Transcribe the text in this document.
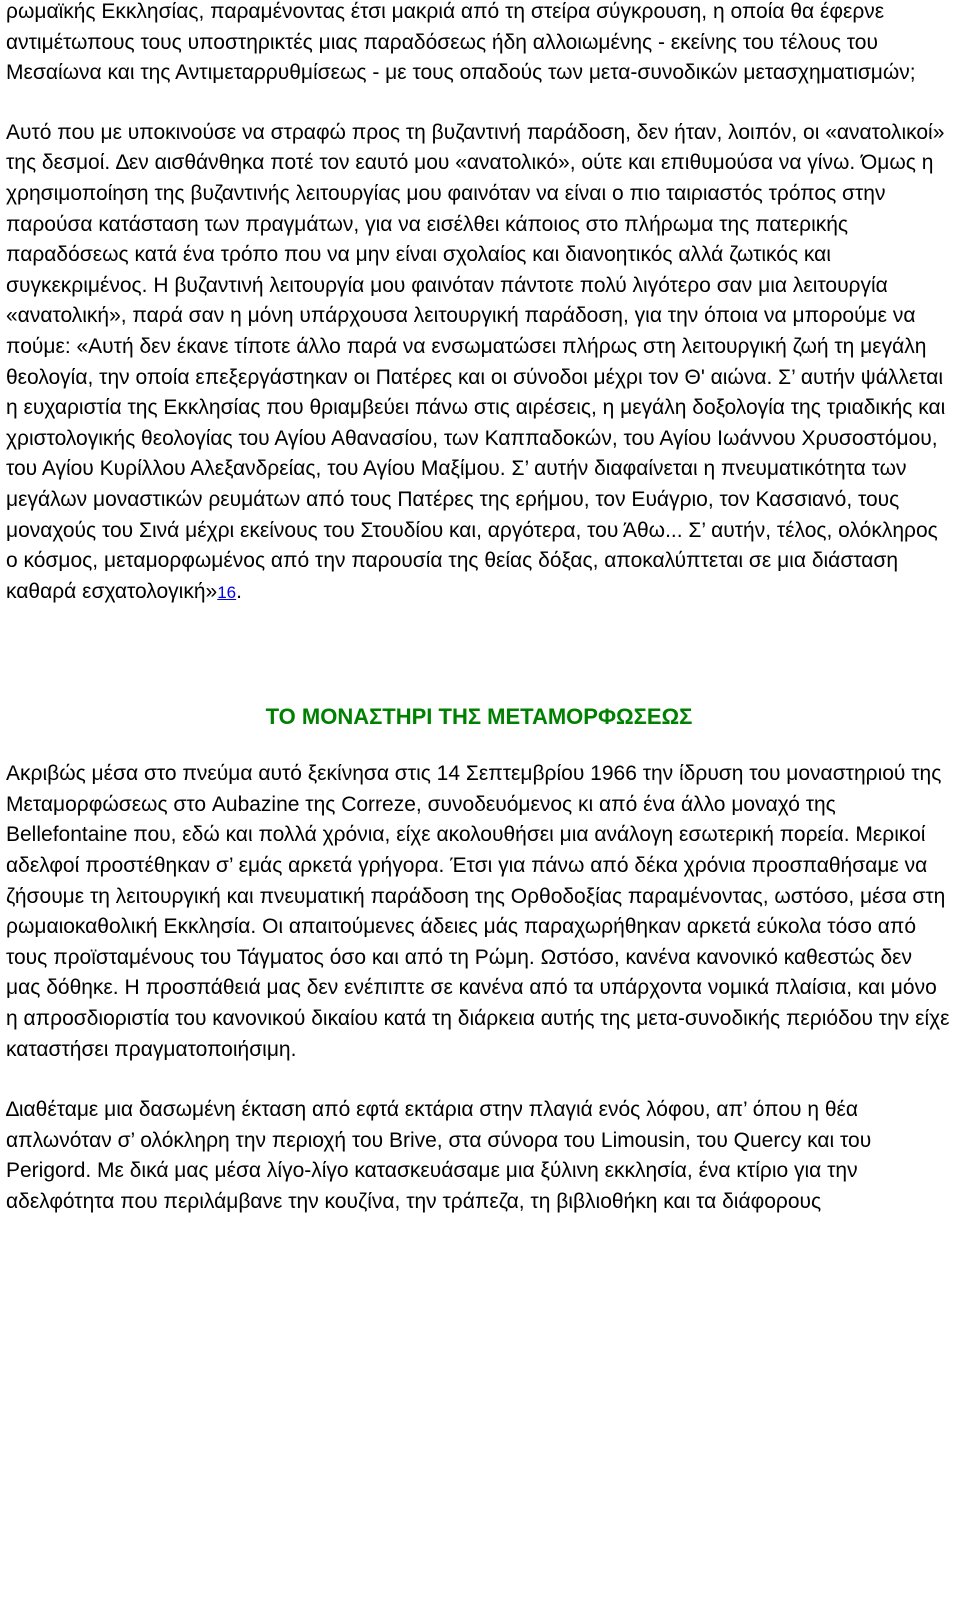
ρωμαϊκής Εκκλησίας, παραμένοντας έτσι μακριά από τη στείρα σύγκρουση, η οποία θα έφερνε αντιμέτωπους τους υποστηρικτές μιας παραδόσεως ήδη αλλοιωμένης - εκείνης του τέλους του Μεσαίωνα και της Αντιμεταρρυθμίσεως - με τους οπαδούς των μετα-συνοδικών μετασχηματισμών;

Αυτό που με υποκινούσε να στραφώ προς τη βυζαντινή παράδοση, δεν ήταν, λοιπόν, οι «ανατολικοί» της δεσμοί. ∆εν αισθάνθηκα ποτέ τον εαυτό μου «ανατολικό», ούτε και επιθυμούσα να γίνω. Όμως η χρησιμοποίηση της βυζαντινής λειτουργίας μου φαινόταν να είναι ο πιο ταιριαστός τρόπος στην παρούσα κατάσταση των πραγμάτων, για να εισέλθει κάποιος στο πλήρωμα της πατερικής παραδόσεως κατά ένα τρόπο που να μην είναι σχολαίος και διανοητικός αλλά ζωτικός και συγκεκριμένος. Η βυζαντινή λειτουργία μου φαινόταν πάντοτε πολύ λιγότερο σαν μια λειτουργία «ανατολική», παρά σαν η μόνη υπάρχουσα λειτουργική παράδοση, για την όποια να μπορούμε να πούμε: «Αυτή δεν έκανε τίποτε άλλο παρά να ενσωματώσει πλήρως στη λειτουργική ζωή τη μεγάλη θεολογία, την οποία επεξεργάστηκαν οι Πατέρες και οι σύνοδοι μέχρι τον Θ' αιώνα. Σ’ αυτήν ψάλλεται η ευχαριστία της Εκκλησίας που θριαμβεύει πάνω στις αιρέσεις, η μεγάλη δοξολογία της τριαδικής και χριστολογικής θεολογίας του Αγίου Αθανασίου, των Καππαδοκών, του Αγίου Ιωάννου Χρυσοστόμου, του Αγίου Κυρίλλου Αλεξανδρείας, του Αγίου Μαξίμου. Σ’ αυτήν διαφαίνεται η πνευματικότητα των μεγάλων μοναστικών ρευμάτων από τους Πατέρες της ερήμου, τον Ευάγριο, τον Κασσιανό, τους μοναχούς του Σινά μέχρι εκείνους του Στουδίου και, αργότερα, του Άθω... Σ’ αυτήν, τέλος, ολόκληρος ο κόσμος, μεταμορφωμένος από την παρουσία της θείας δόξας, αποκαλύπτεται σε μια διάσταση καθαρά εσχατολογική»16.

ΤΟ ΜΟΝΑΣΤΗΡΙ ΤΗΣ ΜΕΤΑΜΟΡΦΩΣΕΩΣ

Ακριβώς μέσα στο πνεύμα αυτό ξεκίνησα στις 14 Σεπτεμβρίου 1966 την ίδρυση του μοναστηριού της Μεταμορφώσεως στο Aubazine της Correze, συνοδευόμενος κι από ένα άλλο μοναχό της Bellefontaine που, εδώ και πολλά χρόνια, είχε ακολουθήσει μια ανάλογη εσωτερική πορεία. Μερικοί αδελφοί προστέθηκαν σ’ εμάς αρκετά γρήγορα. Έτσι για πάνω από δέκα χρόνια προσπαθήσαμε να ζήσουμε τη λειτουργική και πνευματική παράδοση της Ορθοδοξίας παραμένοντας, ωστόσο, μέσα στη ρωμαιοκαθολική Εκκλησία. Οι απαιτούμενες άδειες μάς παραχωρήθηκαν αρκετά εύκολα τόσο από τους προϊσταμένους του Τάγματος όσο και από τη Ρώμη. Ωστόσο, κανένα κανονικό καθεστώς δεν μας δόθηκε. Η προσπάθειά μας δεν ενέπιπτε σε κανένα από τα υπάρχοντα νομικά πλαίσια, και μόνο η απροσδιοριστία του κανονικού δικαίου κατά τη διάρκεια αυτής της μετα-συνοδικής περιόδου την είχε καταστήσει πραγματοποιήσιμη.

∆ιαθέταμε μια δασωμένη έκταση από εφτά εκτάρια στην πλαγιά ενός λόφου, απ’ όπου η θέα απλωνόταν σ’ ολόκληρη την περιοχή του Brive, στα σύνορα του Limousin, του Quercy και του Perigord. Με δικά μας μέσα λίγο-λίγο κατασκευάσαμε μια ξύλινη εκκλησία, ένα κτίριο για την αδελφότητα που περιλάμβανε την κουζίνα, την τράπεζα, τη βιβλιοθήκη και τα διάφορους
